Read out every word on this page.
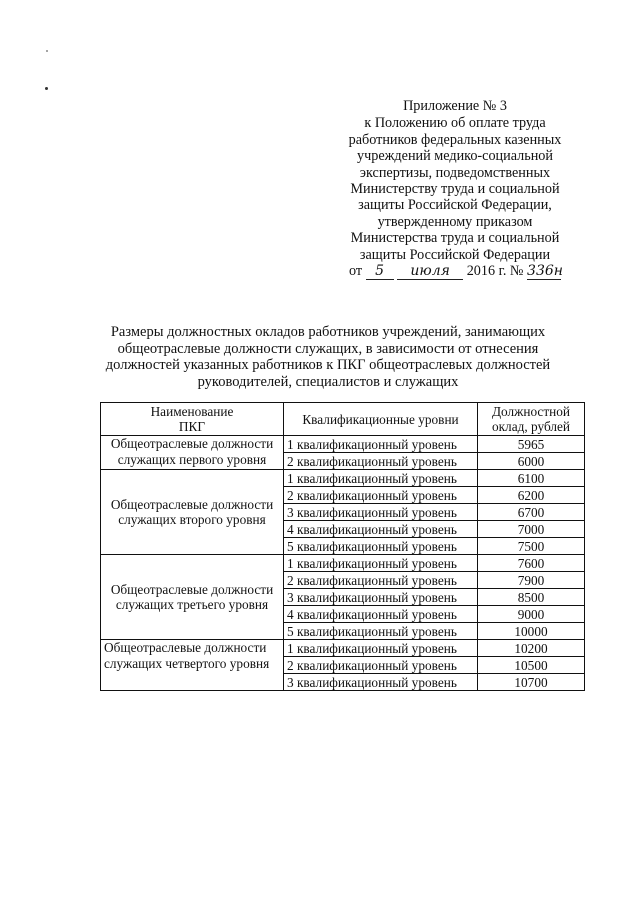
Приложение № 3
к Положению об оплате труда
работников федеральных казенных
учреждений медико-социальной
экспертизы, подведомственных
Министерству труда и социальной
защиты Российской Федерации,
утвержденному приказом
Министерства труда и социальной
защиты Российской Федерации
от 5 июля 2016 г. № 336н
Размеры должностных окладов работников учреждений, занимающих
общеотраслевые должности служащих, в зависимости от отнесения
должностей указанных работников к ПКГ общеотраслевых должностей
руководителей, специалистов и служащих
Наименование
ПКГ	Квалификационные уровни	Должностной
оклад, рублей
Общеотраслевые должности служащих первого уровня	1 квалификационный уровень	5965
	2 квалификационный уровень	6000
Общеотраслевые должности служащих второго уровня	1 квалификационный уровень	6100
	2 квалификационный уровень	6200
	3 квалификационный уровень	6700
	4 квалификационный уровень	7000
	5 квалификационный уровень	7500
Общеотраслевые должности служащих третьего уровня	1 квалификационный уровень	7600
	2 квалификационный уровень	7900
	3 квалификационный уровень	8500
	4 квалификационный уровень	9000
	5 квалификационный уровень	10000
Общеотраслевые должности служащих четвертого уровня	1 квалификационный уровень	10200
	2 квалификационный уровень	10500
	3 квалификационный уровень	10700
